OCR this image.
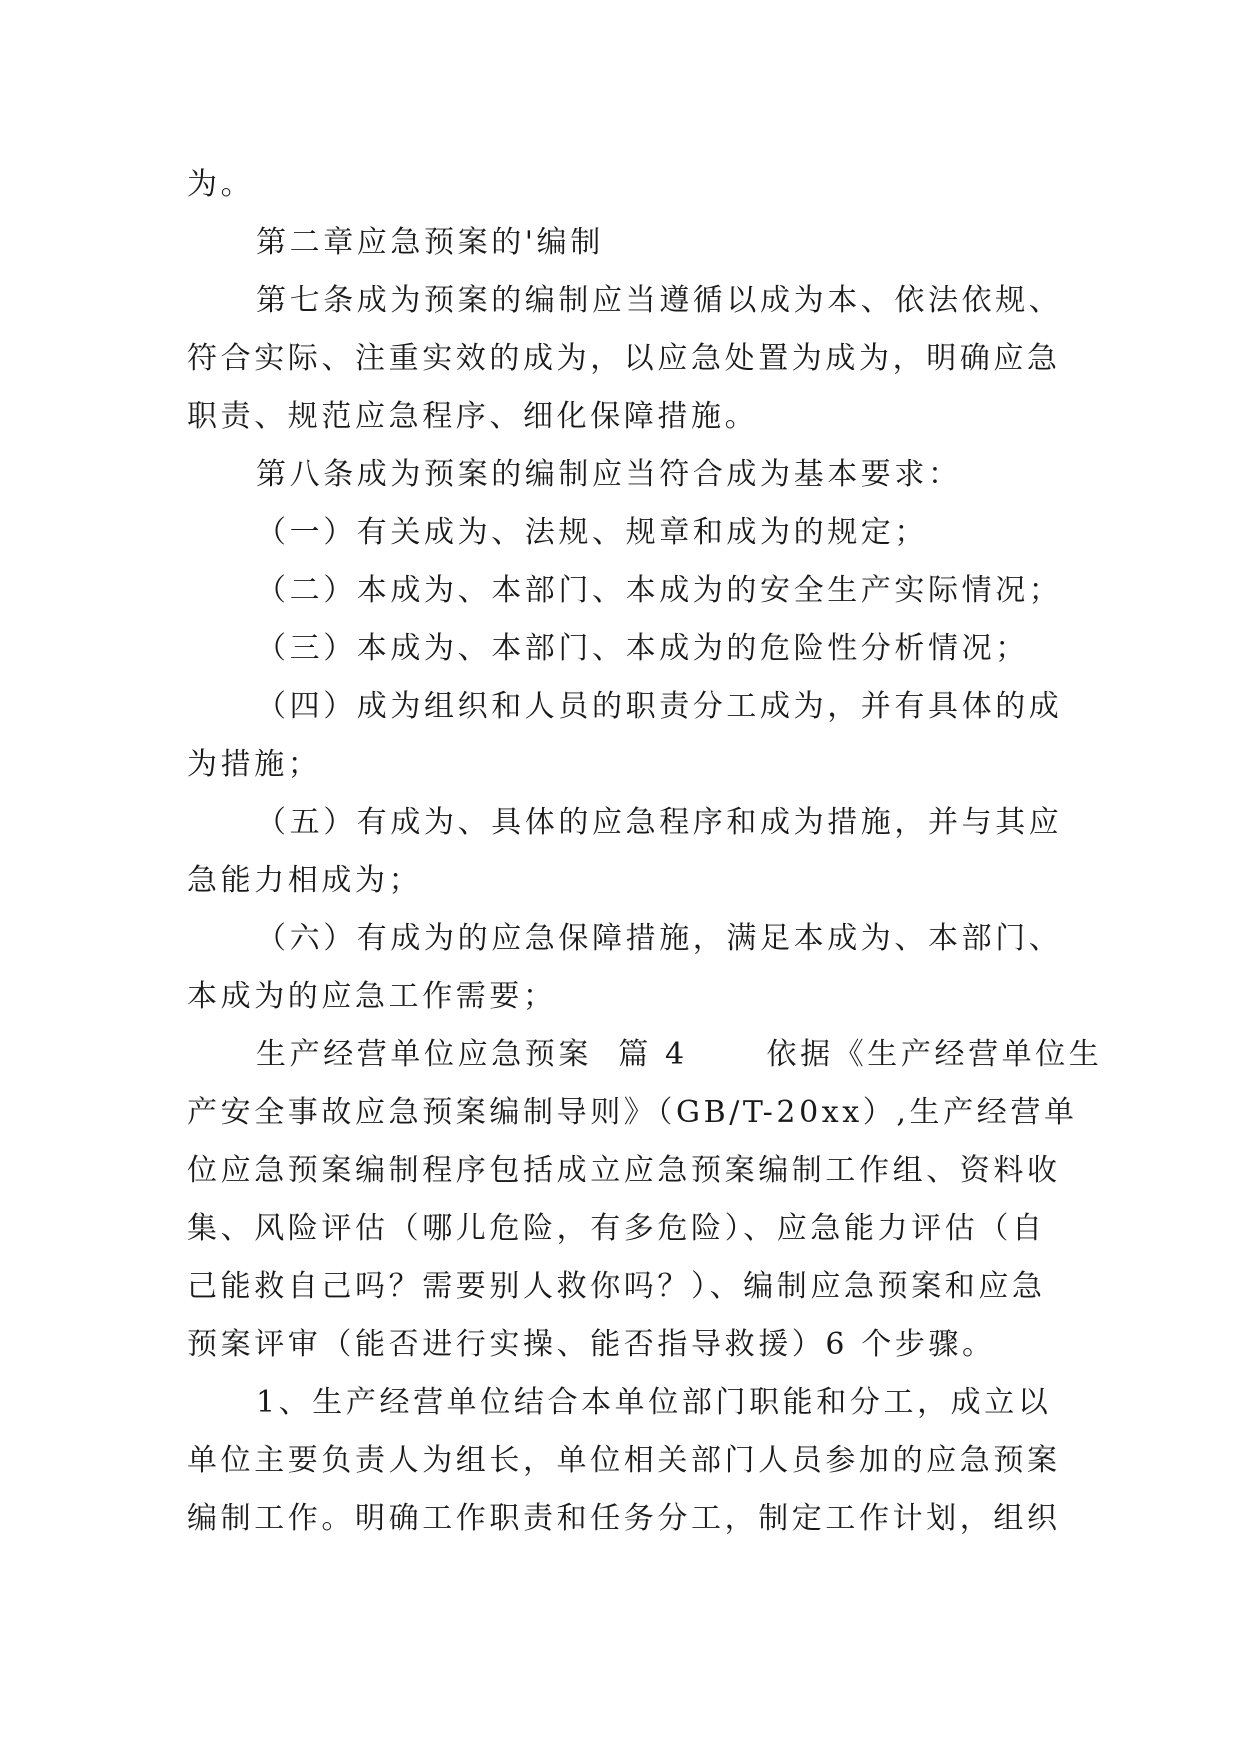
为。
第二章应急预案的'编制
第七条成为预案的编制应当遵循以成为本、依法依规、
符合实际、注重实效的成为，以应急处置为成为，明确应急
职责、规范应急程序、细化保障措施。
第八条成为预案的编制应当符合成为基本要求：
（一）有关成为、法规、规章和成为的规定；
（二）本成为、本部门、本成为的安全生产实际情况；
（三）本成为、本部门、本成为的危险性分析情况；
（四）成为组织和人员的职责分工成为，并有具体的成
为措施；
（五）有成为、具体的应急程序和成为措施，并与其应
急能力相成为；
（六）有成为的应急保障措施，满足本成为、本部门、
本成为的应急工作需要；
生产经营单位应急预案  篇 4      依据《生产经营单位生
产安全事故应急预案编制导则》（GB/T-20xx）,生产经营单
位应急预案编制程序包括成立应急预案编制工作组、资料收
集、风险评估（哪儿危险，有多危险）、应急能力评估（自
己能救自己吗？需要别人救你吗？）、编制应急预案和应急
预案评审（能否进行实操、能否指导救援）6 个步骤。
1、生产经营单位结合本单位部门职能和分工，成立以
单位主要负责人为组长，单位相关部门人员参加的应急预案
编制工作。明确工作职责和任务分工，制定工作计划，组织
